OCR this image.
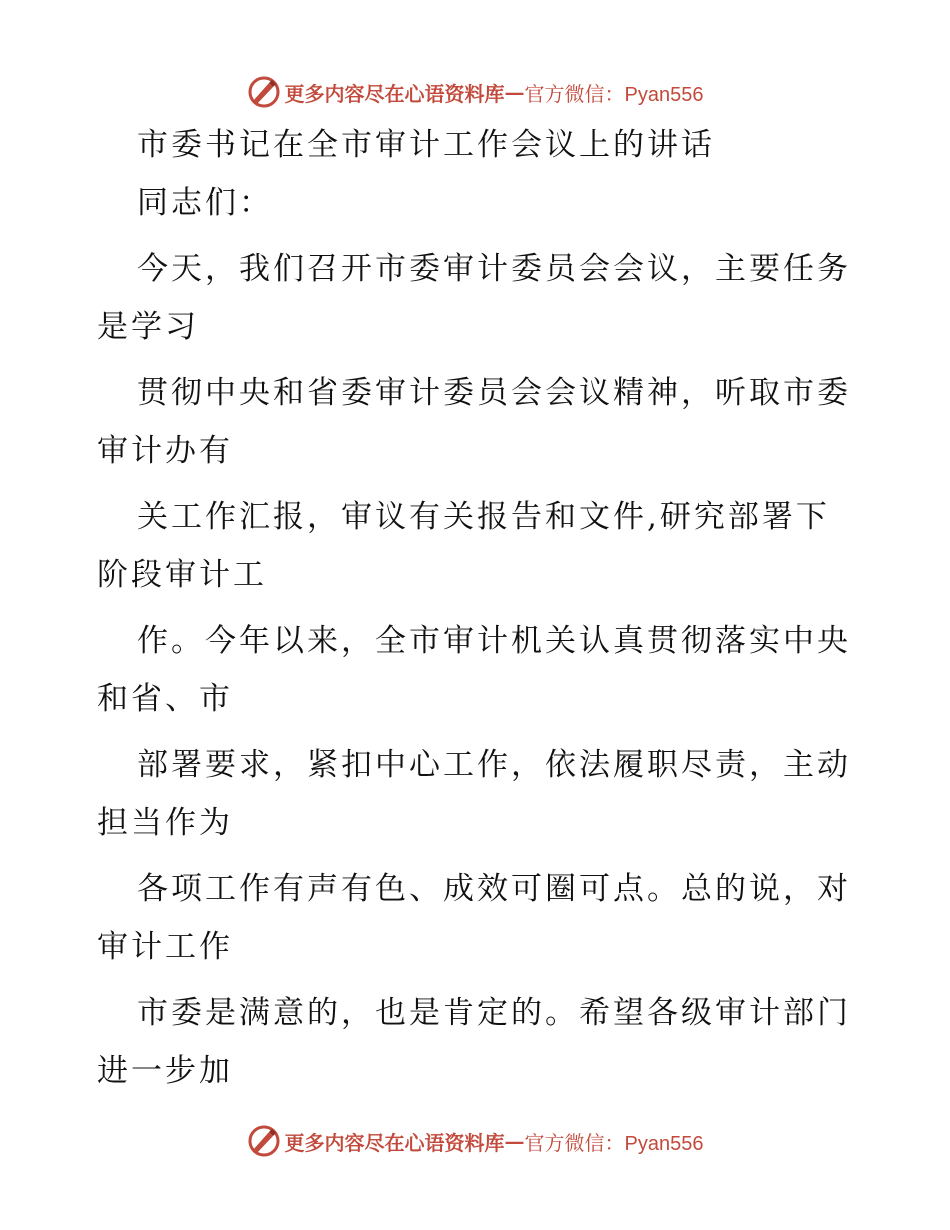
更多内容尽在心语资料库 — 官方微信：Pyan556

市委书记在全市审计工作会议上的讲话

同志们：

今天，我们召开市委审计委员会会议，主要任务

是学习

贯彻中央和省委审计委员会会议精神，听取市委

审计办有

关工作汇报，审议有关报告和文件,研究部署下

阶段审计工

作。今年以来，全市审计机关认真贯彻落实中央

和省、市

部署要求，紧扣中心工作，依法履职尽责，主动

担当作为

各项工作有声有色、成效可圈可点。总的说，对

审计工作

市委是满意的，也是肯定的。希望各级审计部门

进一步加

更多内容尽在心语资料库 — 官方微信：Pyan556
